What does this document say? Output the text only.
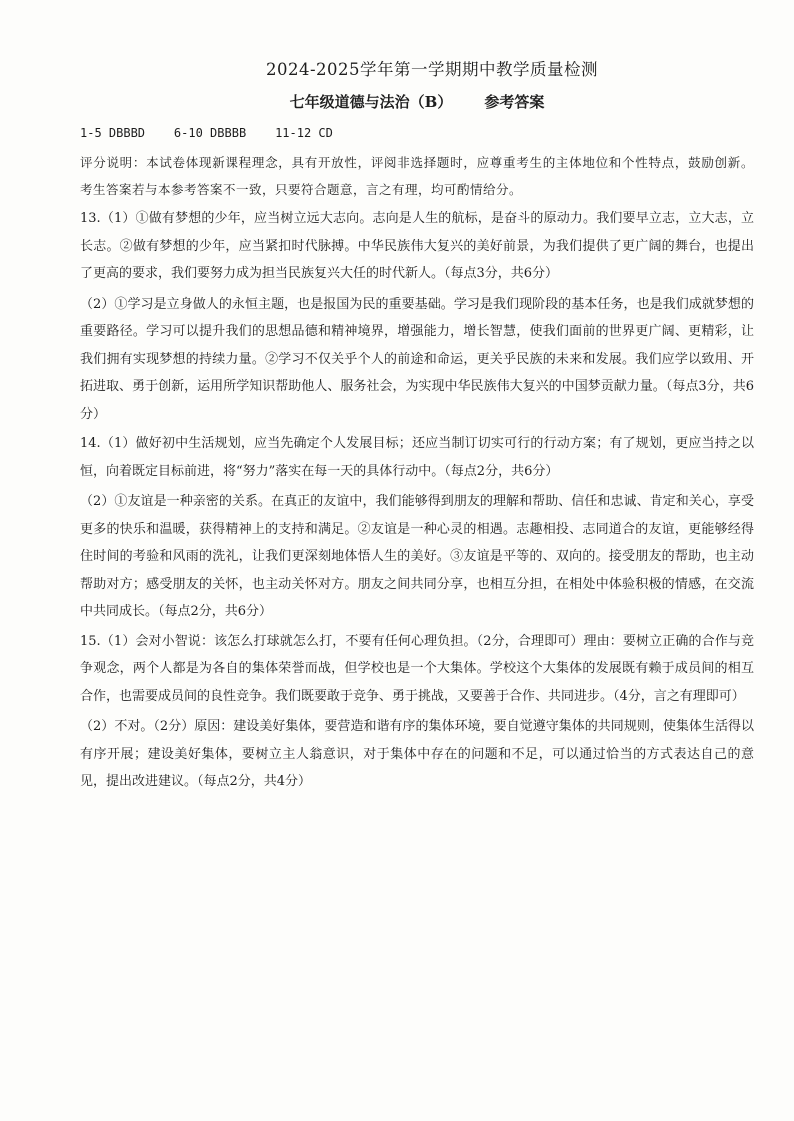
2024-2025学年第一学期期中教学质量检测
七年级道德与法治（B） 参考答案
1-5 DBBBD    6-10 DBBBB    11-12 CD

评分说明：本试卷体现新课程理念，具有开放性，评阅非选择题时，应尊重考生的主体地位和个性特点，鼓励创新。考生答案若与本参考答案不一致，只要符合题意，言之有理，均可酌情给分。

13.（1）①做有梦想的少年，应当树立远大志向。志向是人生的航标，是奋斗的原动力。我们要早立志，立大志，立长志。②做有梦想的少年，应当紧扣时代脉搏。中华民族伟大复兴的美好前景，为我们提供了更广阔的舞台，也提出了更高的要求，我们要努力成为担当民族复兴大任的时代新人。（每点3分，共6分）

（2）①学习是立身做人的永恒主题，也是报国为民的重要基础。学习是我们现阶段的基本任务，也是我们成就梦想的重要路径。学习可以提升我们的思想品德和精神境界，增强能力，增长智慧，使我们面前的世界更广阔、更精彩，让我们拥有实现梦想的持续力量。②学习不仅关乎个人的前途和命运，更关乎民族的未来和发展。我们应学以致用、开拓进取、勇于创新，运用所学知识帮助他人、服务社会，为实现中华民族伟大复兴的中国梦贡献力量。（每点3分，共6分）

14.（1）做好初中生活规划，应当先确定个人发展目标；还应当制订切实可行的行动方案；有了规划，更应当持之以恒，向着既定目标前进，将“努力”落实在每一天的具体行动中。（每点2分，共6分）

（2）①友谊是一种亲密的关系。在真正的友谊中，我们能够得到朋友的理解和帮助、信任和忠诚、肯定和关心，享受更多的快乐和温暖，获得精神上的支持和满足。②友谊是一种心灵的相遇。志趣相投、志同道合的友谊，更能够经得住时间的考验和风雨的洗礼，让我们更深刻地体悟人生的美好。③友谊是平等的、双向的。接受朋友的帮助，也主动帮助对方；感受朋友的关怀，也主动关怀对方。朋友之间共同分享，也相互分担，在相处中体验积极的情感，在交流中共同成长。（每点2分，共6分）

15.（1）会对小智说：该怎么打球就怎么打，不要有任何心理负担。（2分，合理即可）理由：要树立正确的合作与竞争观念，两个人都是为各自的集体荣誉而战，但学校也是一个大集体。学校这个大集体的发展既有赖于成员间的相互合作，也需要成员间的良性竞争。我们既要敢于竞争、勇于挑战，又要善于合作、共同进步。（4分，言之有理即可）

（2）不对。（2分）原因：建设美好集体，要营造和谐有序的集体环境，要自觉遵守集体的共同规则，使集体生活得以有序开展；建设美好集体，要树立主人翁意识，对于集体中存在的问题和不足，可以通过恰当的方式表达自己的意见，提出改进建议。（每点2分，共4分）
